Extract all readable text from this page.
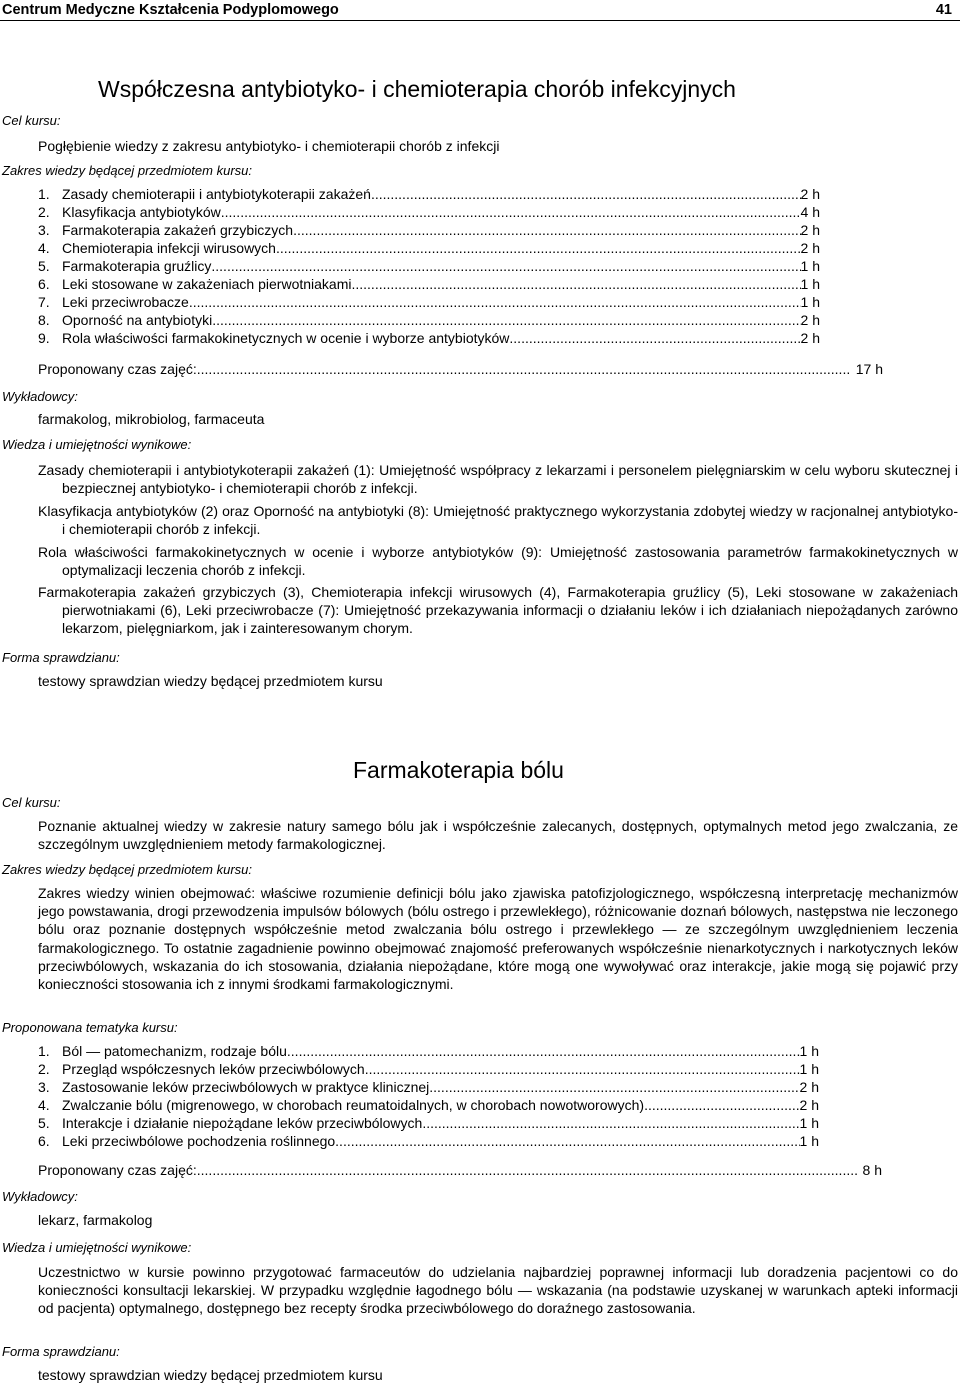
Centrum Medyczne Kształcenia Podyplomowego	41
Współczesna antybiotyko- i chemioterapia chorób infekcyjnych
Cel kursu:
Pogłębienie wiedzy z zakresu antybiotyko- i chemioterapii chorób z infekcji
Zakres wiedzy będącej przedmiotem kursu:
1. Zasady chemioterapii i antybiotykoterapii zakażeń .....	2 h
2. Klasyfikacja antybiotyków .....	4 h
3. Farmakoterapia zakażeń grzybiczych .....	2 h
4. Chemioterapia infekcji wirusowych .....	2 h
5. Farmakoterapia gruźlicy .....	1 h
6. Leki stosowane w zakażeniach pierwotniakami .....	1 h
7. Leki przeciwrobacze .....	1 h
8. Oporność na antybiotyki .....	2 h
9. Rola właściwości farmakokinetycznych w ocenie i wyborze antybiotyków .....	2 h
Proponowany czas zajęć: .....	17 h
Wykładowcy:
farmakolog, mikrobiolog, farmaceuta
Wiedza i umiejętności wynikowe:
Zasady chemioterapii i antybiotykoterapii zakażeń (1): Umiejętność współpracy z lekarzami i personelem pielęgniarskim w celu wyboru skutecznej i bezpiecznej antybiotyko- i chemioterapii chorób z infekcji.
Klasyfikacja antybiotyków (2) oraz Oporność na antybiotyki (8): Umiejętność praktycznego wykorzystania zdobytej wiedzy w racjonalnej antybiotyko- i chemioterapii chorób z infekcji.
Rola właściwości farmakokinetycznych w ocenie i wyborze antybiotyków (9): Umiejętność zastosowania parametrów farmakokinetycznych w optymalizacji leczenia chorób z infekcji.
Farmakoterapia zakażeń grzybiczych (3), Chemioterapia infekcji wirusowych (4), Farmakoterapia gruźlicy (5), Leki stosowane w zakażeniach pierwotniakami (6), Leki przeciwrobacze (7): Umiejętność przekazywania informacji o działaniu leków i ich działaniach niepożądanych zarówno lekarzom, pielęgniarkom, jak i zainteresowanym chorym.
Forma sprawdzianu:
testowy sprawdzian wiedzy będącej przedmiotem kursu
Farmakoterapia bólu
Cel kursu:
Poznanie aktualnej wiedzy w zakresie natury samego bólu jak i współcześnie zalecanych, dostępnych, optymalnych metod jego zwalczania, ze szczególnym uwzględnieniem metody farmakologicznej.
Zakres wiedzy będącej przedmiotem kursu:
Zakres wiedzy winien obejmować: właściwe rozumienie definicji bólu jako zjawiska patofizjologicznego, współczesną interpretację mechanizmów jego powstawania, drogi przewodzenia impulsów bólowych (bólu ostrego i przewlekłego), różnicowanie doznań bólowych, następstwa nie leczonego bólu oraz poznanie dostępnych współcześnie metod zwalczania bólu ostrego i przewlekłego — ze szczególnym uwzględnieniem leczenia farmakologicznego. To ostatnie zagadnienie powinno obejmować znajomość preferowanych współcześnie nienarkotycznych i narkotycznych leków przeciwbólowych, wskazania do ich stosowania, działania niepożądane, które mogą one wywoływać oraz interakcje, jakie mogą się pojawić przy konieczności stosowania ich z innymi środkami farmakologicznymi.
Proponowana tematyka kursu:
1. Ból — patomechanizm, rodzaje bólu .....	1 h
2. Przegląd współczesnych leków przeciwbólowych .....	1 h
3. Zastosowanie leków przeciwbólowych w praktyce klinicznej .....	2 h
4. Zwalczanie bólu (migrenowego, w chorobach reumatoidalnych, w chorobach nowotworowych) .....	2 h
5. Interakcje i działanie niepożądane leków przeciwbólowych .....	1 h
6. Leki przeciwbólowe pochodzenia roślinnego .....	1 h
Proponowany czas zajęć: .....	8 h
Wykładowcy:
lekarz, farmakolog
Wiedza i umiejętności wynikowe:
Uczestnictwo w kursie powinno przygotować farmaceutów do udzielania najbardziej poprawnej informacji lub doradzenia pacjentowi co do konieczności konsultacji lekarskiej. W przypadku względnie łagodnego bólu — wskazania (na podstawie uzyskanej w warunkach apteki informacji od pacjenta) optymalnego, dostępnego bez recepty środka przeciwbólowego do doraźnego zastosowania.
Forma sprawdzianu:
testowy sprawdzian wiedzy będącej przedmiotem kursu
